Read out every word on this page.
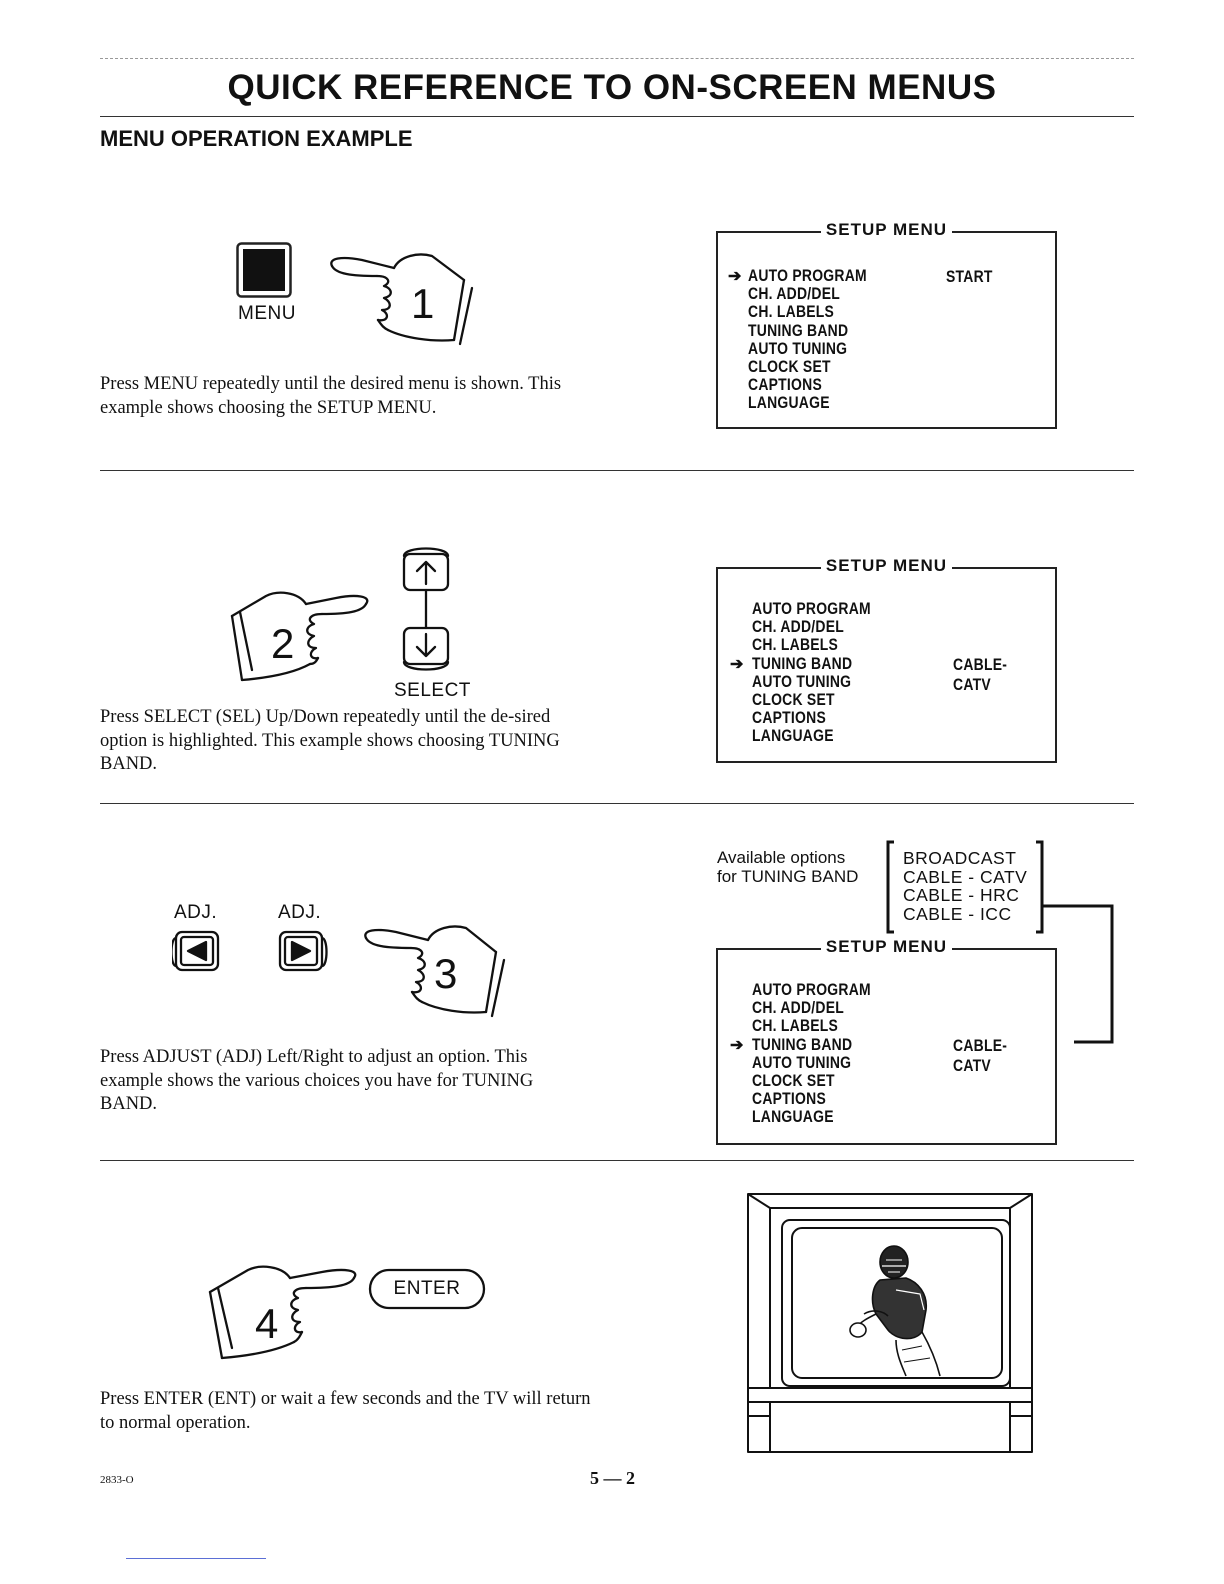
QUICK REFERENCE TO ON-SCREEN MENUS
MENU OPERATION EXAMPLE
MENU	1
Press MENU repeatedly until the desired menu is shown. This example shows choosing the SETUP MENU.
SETUP MENU
➔ AUTO PROGRAM
CH. ADD/DEL
CH. LABELS
TUNING BAND
AUTO TUNING
CLOCK SET
CAPTIONS
LANGUAGE
START
SELECT
2
Press SELECT (SEL) Up/Down repeatedly until the de-sired option is highlighted. This example shows choosing TUNING BAND.
SETUP MENU
➔
AUTO PROGRAM
CH. ADD/DEL
CH. LABELS
TUNING BAND
AUTO TUNING
CLOCK SET
CAPTIONS
LANGUAGE
CABLE-CATV
ADJ.	ADJ.
3
Press ADJUST (ADJ) Left/Right to adjust an option. This example shows the various choices you have for TUNING BAND.
Available options
for TUNING BAND
BROADCAST
CABLE - CATV
CABLE - HRC
CABLE - ICC
SETUP MENU
➔
AUTO PROGRAM
CH. ADD/DEL
CH. LABELS
TUNING BAND
AUTO TUNING
CLOCK SET
CAPTIONS
LANGUAGE
CABLE-CATV
4
ENTER
Press ENTER (ENT) or wait a few seconds and the TV will return to normal operation.
2833-O	5 — 2
